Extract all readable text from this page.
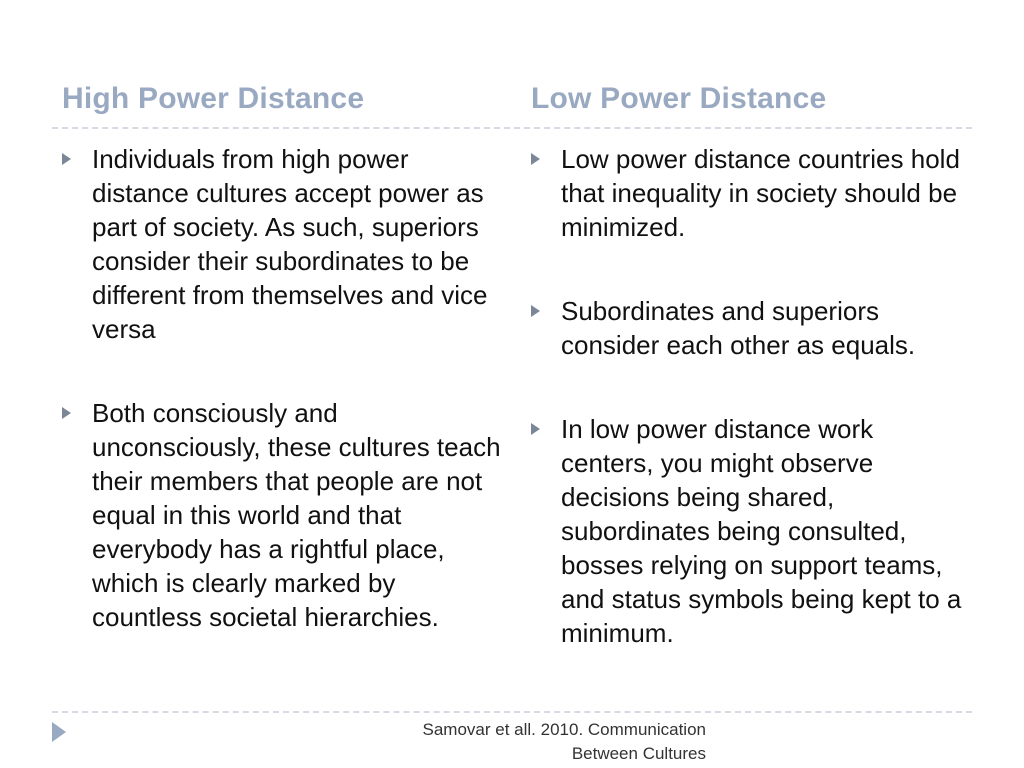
High Power Distance	Low Power Distance
Individuals from high power distance cultures accept power as part of society. As such, superiors consider their subordinates to be different from themselves and vice versa
Both consciously and unconsciously, these cultures teach their members that people are not equal in this world and that everybody has a rightful place, which is clearly marked by countless societal hierarchies.
Low power distance countries hold that inequality in society should be minimized.
Subordinates and superiors consider each other as equals.
In low power distance work centers, you might observe decisions being shared, subordinates being consulted, bosses relying on support teams, and status symbols being kept to a minimum.
Samovar et all. 2010. Communication
Between Cultures
